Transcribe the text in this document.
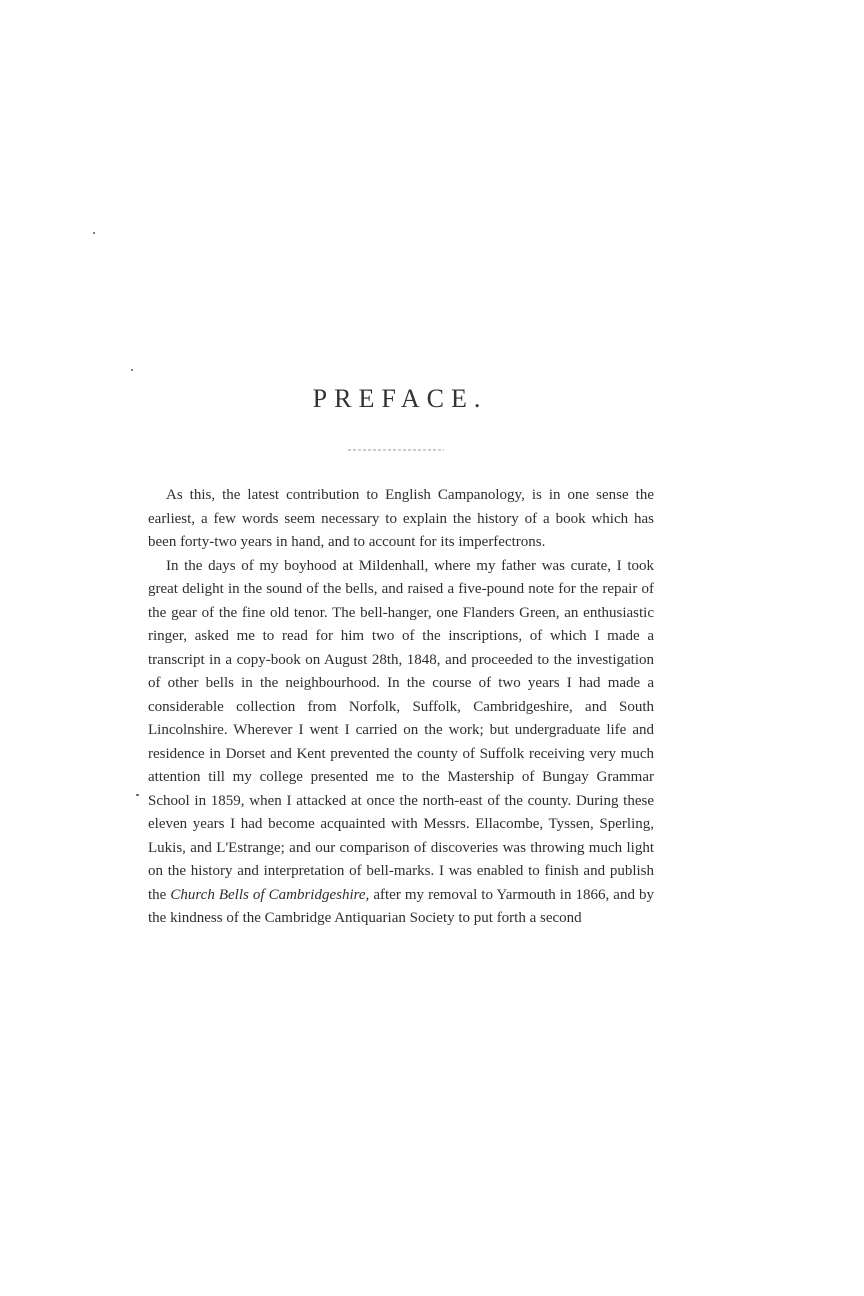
PREFACE.

As this, the latest contribution to English Campanology, is in one sense the earliest, a few words seem necessary to explain the history of a book which has been forty-two years in hand, and to account for its imperfectrons.

In the days of my boyhood at Mildenhall, where my father was curate, I took great delight in the sound of the bells, and raised a five-pound note for the repair of the gear of the fine old tenor. The bell-hanger, one Flanders Green, an enthusiastic ringer, asked me to read for him two of the inscriptions, of which I made a transcript in a copy-book on August 28th, 1848, and proceeded to the investigation of other bells in the neighbourhood. In the course of two years I had made a considerable collection from Norfolk, Suffolk, Cambridgeshire, and South Lincolnshire. Wherever I went I carried on the work; but undergraduate life and residence in Dorset and Kent prevented the county of Suffolk receiving very much attention till my college presented me to the Mastership of Bungay Grammar School in 1859, when I attacked at once the north-east of the county. During these eleven years I had become acquainted with Messrs. Ellacombe, Tyssen, Sperling, Lukis, and L'Estrange; and our comparison of discoveries was throwing much light on the history and interpretation of bell-marks. I was enabled to finish and publish the Church Bells of Cambridgeshire, after my removal to Yarmouth in 1866, and by the kindness of the Cambridge Antiquarian Society to put forth a second
